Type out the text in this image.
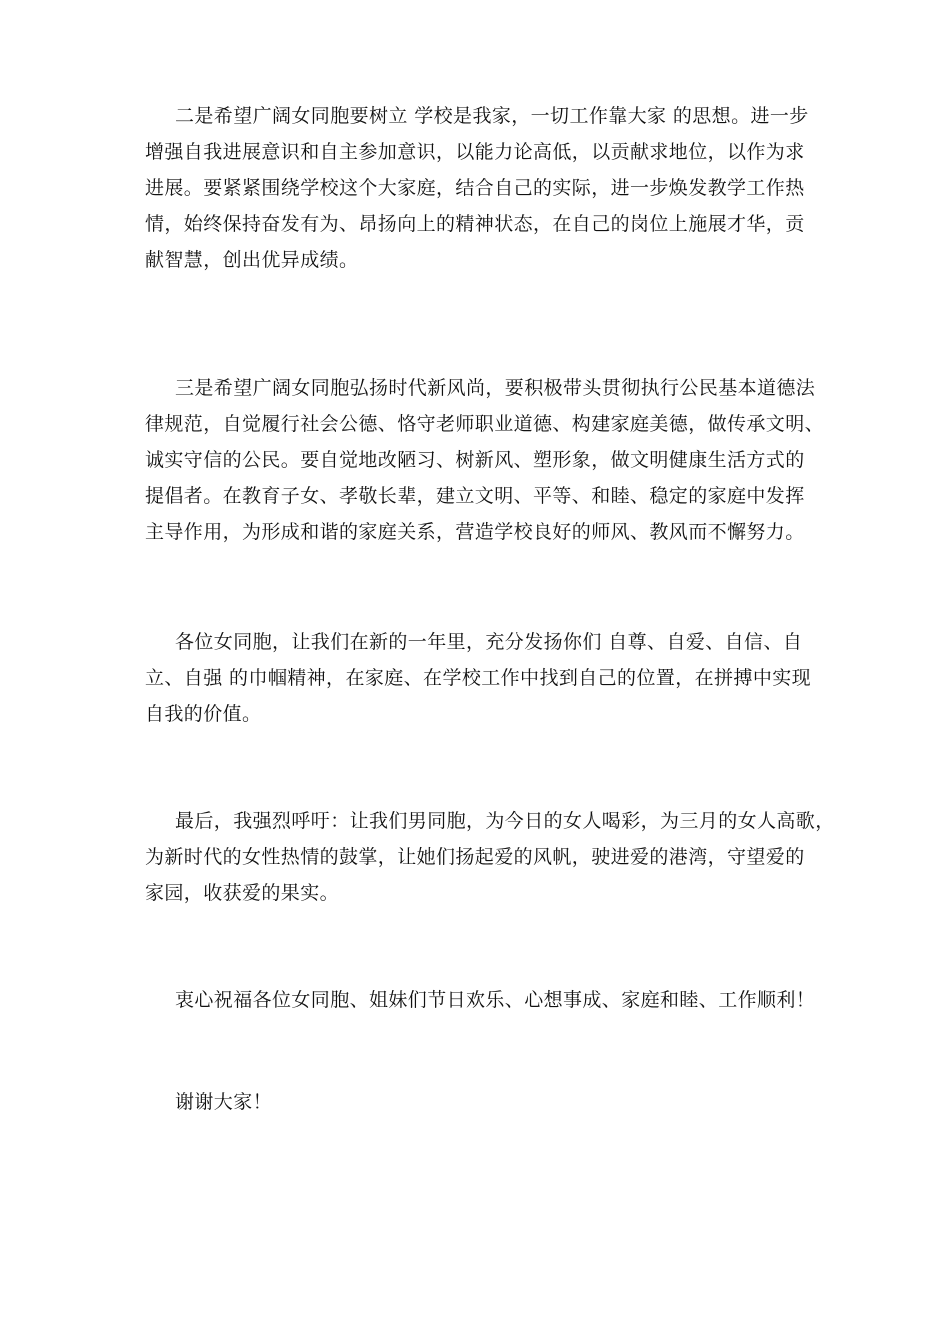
二是希望广阔女同胞要树立 学校是我家，一切工作靠大家 的思想。进一步
增强自我进展意识和自主参加意识，以能力论高低，以贡献求地位，以作为求
进展。要紧紧围绕学校这个大家庭，结合自己的实际，进一步焕发教学工作热
情，始终保持奋发有为、昂扬向上的精神状态，在自己的岗位上施展才华，贡
献智慧，创出优异成绩。

三是希望广阔女同胞弘扬时代新风尚，要积极带头贯彻执行公民基本道德法
律规范，自觉履行社会公德、恪守老师职业道德、构建家庭美德，做传承文明、
诚实守信的公民。要自觉地改陋习、树新风、塑形象，做文明健康生活方式的
提倡者。在教育子女、孝敬长辈，建立文明、平等、和睦、稳定的家庭中发挥
主导作用，为形成和谐的家庭关系，营造学校良好的师风、教风而不懈努力。

各位女同胞，让我们在新的一年里，充分发扬你们 自尊、自爱、自信、自
立、自强 的巾帼精神，在家庭、在学校工作中找到自己的位置，在拼搏中实现
自我的价值。

最后，我强烈呼吁：让我们男同胞，为今日的女人喝彩，为三月的女人高歌，
为新时代的女性热情的鼓掌，让她们扬起爱的风帆，驶进爱的港湾，守望爱的
家园，收获爱的果实。

衷心祝福各位女同胞、姐妹们节日欢乐、心想事成、家庭和睦、工作顺利！

谢谢大家！
